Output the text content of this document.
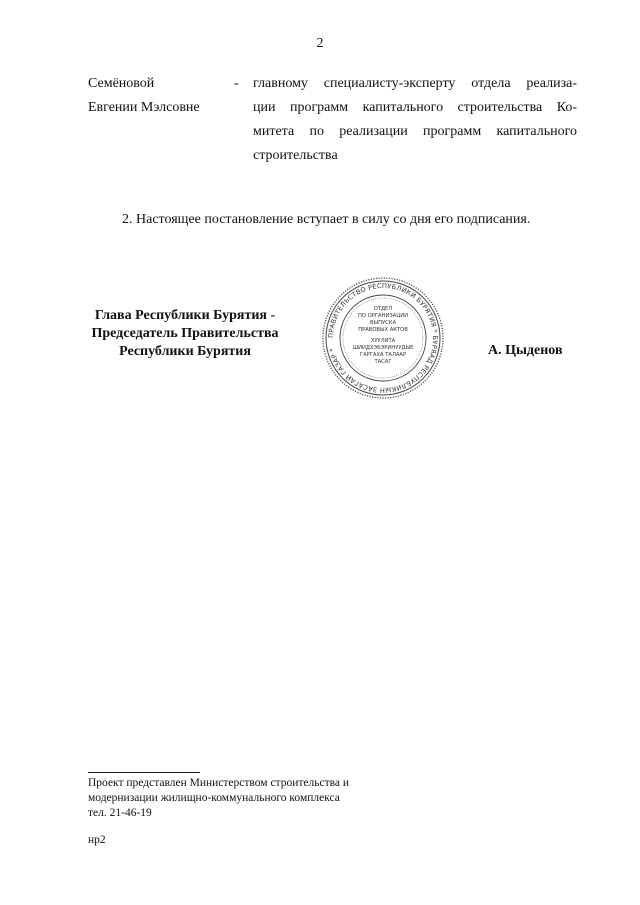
2
Семёновой
Евгении Мэлсовне
- главному специалисту-эксперту отдела реализа-
ции программ капитального строительства Ко-
митета по реализации программ капитального
строительства
2. Настоящее постановление вступает в силу со дня его подписания.
Глава Республики Бурятия -
Председатель Правительства
Республики Бурятия
ПРАВИТЕЛЬСТВО РЕСПУБЛИКИ БУРЯТИЯ * БУРЯАД РЕСПУБЛИКЫН ЗАСАГАЙ ГАЗАР *
ОТДЕЛ
ПО ОРГАНИЗАЦИИ
ВЫПУСКА
ПРАВОВЫХ АКТОВ
ХУУЛИТА
ШИИДХЭБЭРИНУУДЫЕ
ГАРГАХА ТАЛААР
ТАСАГ
А. Цыденов
Проект представлен Министерством строительства и
модернизации жилищно-коммунального комплекса
тел. 21-46-19
нр2
